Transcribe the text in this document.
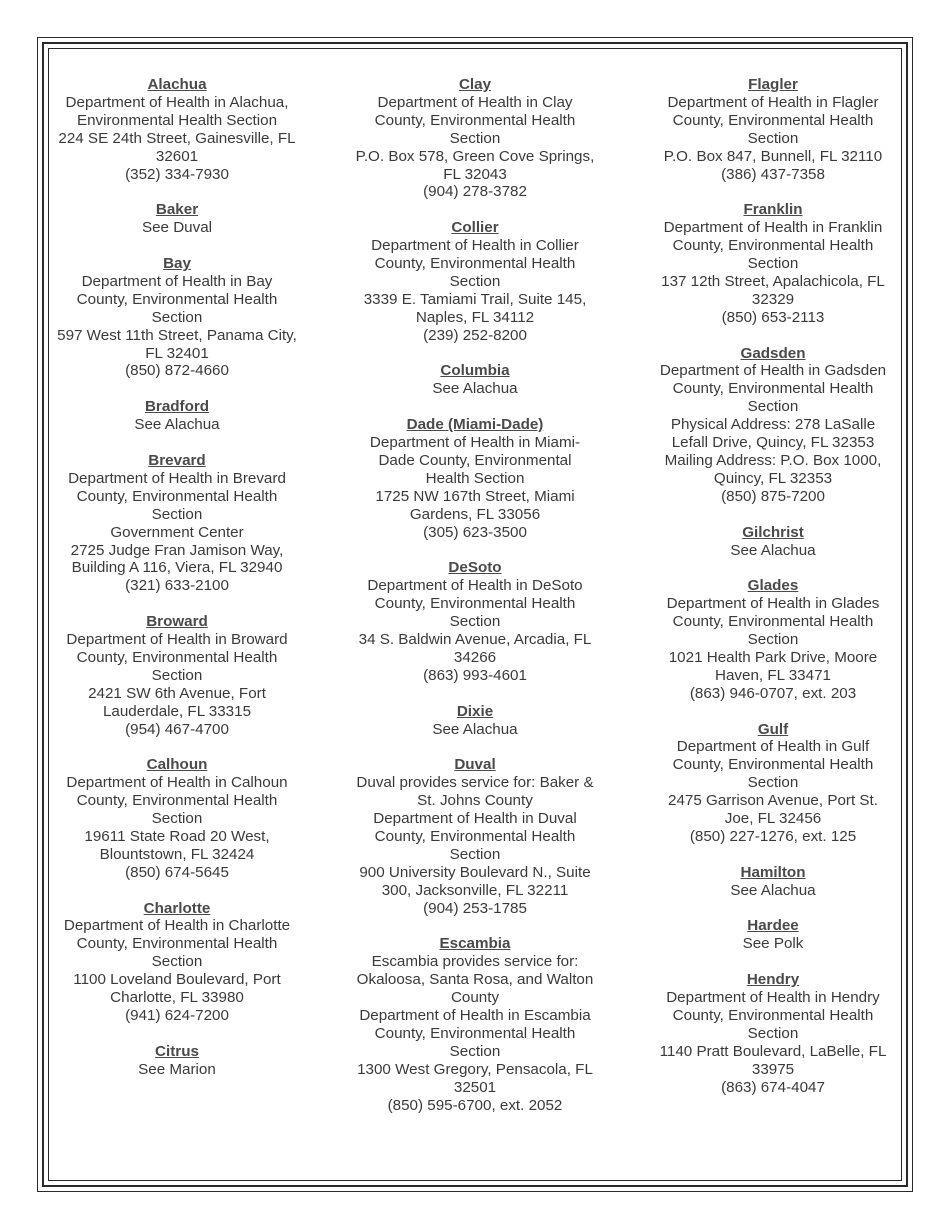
Alachua
Department of Health in Alachua, Environmental Health Section
224 SE 24th Street, Gainesville, FL 32601
(352) 334-7930
Baker
See Duval
Bay
Department of Health in Bay County, Environmental Health Section
597 West 11th Street, Panama City, FL 32401
(850) 872-4660
Bradford
See Alachua
Brevard
Department of Health in Brevard County, Environmental Health Section
Government Center
2725 Judge Fran Jamison Way, Building A 116, Viera, FL 32940
(321) 633-2100
Broward
Department of Health in Broward County, Environmental Health Section
2421 SW 6th Avenue, Fort Lauderdale, FL 33315
(954) 467-4700
Calhoun
Department of Health in Calhoun County, Environmental Health Section
19611 State Road 20 West, Blountstown, FL 32424
(850) 674-5645
Charlotte
Department of Health in Charlotte County, Environmental Health Section
1100 Loveland Boulevard, Port Charlotte, FL 33980
(941) 624-7200
Citrus
See Marion
Clay
Department of Health in Clay County, Environmental Health Section
P.O. Box 578, Green Cove Springs, FL 32043
(904) 278-3782
Collier
Department of Health in Collier County, Environmental Health Section
3339 E. Tamiami Trail, Suite 145, Naples, FL 34112
(239) 252-8200
Columbia
See Alachua
Dade (Miami-Dade)
Department of Health in Miami-Dade County, Environmental Health Section
1725 NW 167th Street, Miami Gardens, FL 33056
(305) 623-3500
DeSoto
Department of Health in DeSoto County, Environmental Health Section
34 S. Baldwin Avenue, Arcadia, FL 34266
(863) 993-4601
Dixie
See Alachua
Duval
Duval provides service for: Baker & St. Johns County
Department of Health in Duval County, Environmental Health Section
900 University Boulevard N., Suite 300, Jacksonville, FL 32211
(904) 253-1785
Escambia
Escambia provides service for: Okaloosa, Santa Rosa, and Walton County
Department of Health in Escambia County, Environmental Health Section
1300 West Gregory, Pensacola, FL 32501
(850) 595-6700, ext. 2052
Flagler
Department of Health in Flagler County, Environmental Health Section
P.O. Box 847, Bunnell, FL 32110
(386) 437-7358
Franklin
Department of Health in Franklin County, Environmental Health Section
137 12th Street, Apalachicola, FL 32329
(850) 653-2113
Gadsden
Department of Health in Gadsden County, Environmental Health Section
Physical Address: 278 LaSalle Lefall Drive, Quincy, FL 32353
Mailing Address: P.O. Box 1000, Quincy, FL 32353
(850) 875-7200
Gilchrist
See Alachua
Glades
Department of Health in Glades County, Environmental Health Section
1021 Health Park Drive, Moore Haven, FL 33471
(863) 946-0707, ext. 203
Gulf
Department of Health in Gulf County, Environmental Health Section
2475 Garrison Avenue, Port St. Joe, FL 32456
(850) 227-1276, ext. 125
Hamilton
See Alachua
Hardee
See Polk
Hendry
Department of Health in Hendry County, Environmental Health Section
1140 Pratt Boulevard, LaBelle, FL 33975
(863) 674-4047
